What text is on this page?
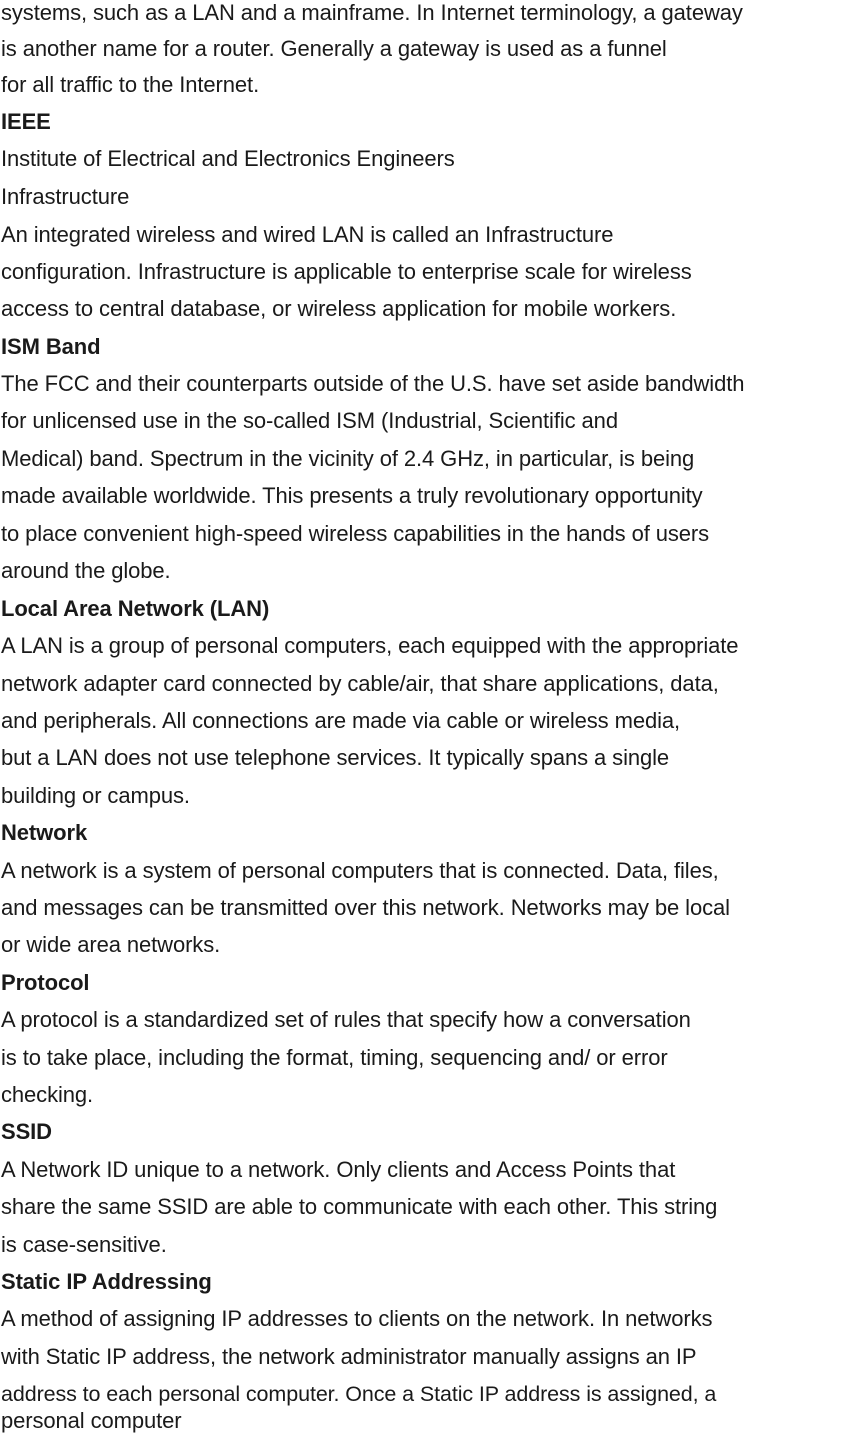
systems, such as a LAN and a mainframe. In Internet terminology, a gateway

is another name for a router. Generally a gateway is used as a funnel

for all traffic to the Internet.

IEEE

Institute of Electrical and Electronics Engineers

Infrastructure

An integrated wireless and wired LAN is called an Infrastructure

configuration. Infrastructure is applicable to enterprise scale for wireless

access to central database, or wireless application for mobile workers.

ISM Band

The FCC and their counterparts outside of the U.S. have set aside bandwidth

for unlicensed use in the so-called ISM (Industrial, Scientific and

Medical) band. Spectrum in the vicinity of 2.4 GHz, in particular, is being

made available worldwide. This presents a truly revolutionary opportunity

to place convenient high-speed wireless capabilities in the hands of users

around the globe.

Local Area Network (LAN)

A LAN is a group of personal computers, each equipped with the appropriate

network adapter card connected by cable/air, that share applications, data,

and peripherals. All connections are made via cable or wireless media,

but a LAN does not use telephone services. It typically spans a single

building or campus.

Network

A network is a system of personal computers that is connected. Data, files,

and messages can be transmitted over this network. Networks may be local

or wide area networks.

Protocol

A protocol is a standardized set of rules that specify how a conversation

is to take place, including the format, timing, sequencing and/ or error

checking.

SSID

A Network ID unique to a network. Only clients and Access Points that

share the same SSID are able to communicate with each other. This string

is case-sensitive.

Static IP Addressing

A method of assigning IP addresses to clients on the network. In networks

with Static IP address, the network administrator manually assigns an IP

address to each personal computer. Once a Static IP address is assigned, a

personal computer
